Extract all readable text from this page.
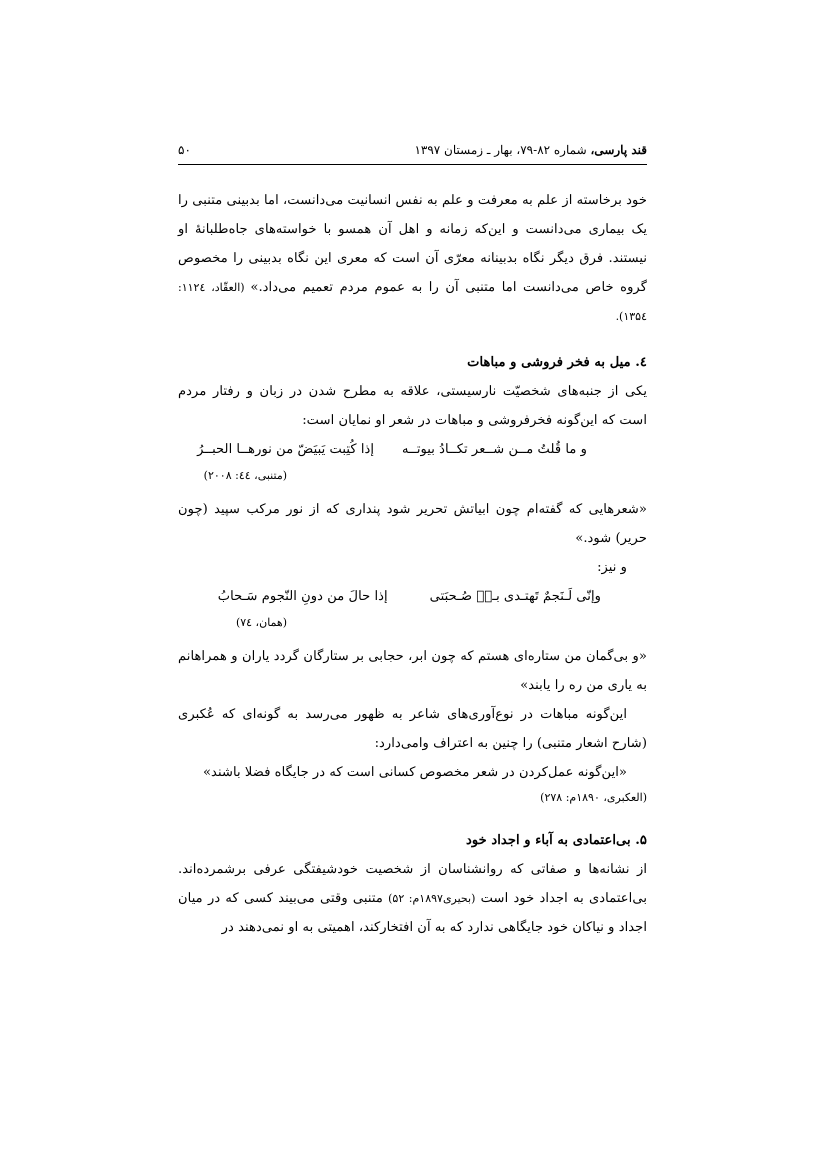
قند پارسی، شماره ۸۲-۷۹، بهار ـ زمستان ۱۳۹۷
۵۰

خود برخاسته از علم به معرفت و علم به نفس انسانیت می‌دانست، اما بدبینی متنبی را یک بیماری می‌دانست و این‌که زمانه و اهل آن همسو با خواسته‌های جاه‌طلبانهٔ او نیستند. فرق دیگر نگاه بدبینانه معرّی آن است که معری این نگاه بدبینی را مخصوص گروه خاص می‌دانست اما متنبی آن را به عموم مردم تعمیم می‌داد.» (العقّاد، ۱۱۲٤: ۱۳۵٤).

٤. میل به فخر فروشی و مباهات

یکی از جنبه‌های شخصیّت نارسیستی، علاقه به مطرح شدن در زبان و رفتار مردم است که این‌گونه فخرفروشی و مباهات در شعر او نمایان است:

و ما قُلتُ مــن شــعر تکــادُ بیوتــه
إذا کُتِبت یَبیَضّ من نورهــا الحبــرُ

(متنبی، ٤٤: ۲۰۰۸)

«شعرهایی که گفته‌ام چون ابیاتش تحریر شود پنداری که از نور مرکب سپید (چون حریر) شود.»

و نیز:

وإنّی لَـنَجمٌ تَهتـدی بـیٖ صُـحبَتی
إذا حالَ من دونِ النّجوم سَـحابُ

(همان، ٧٤)

«و بی‌گمان من ستاره‌ای هستم که چون ابر، حجابی بر ستارگان گردد یاران و همراهانم به یاری من ره را یابند»

این‌گونه مباهات در نوع‌آوری‌های شاعر به ظهور می‌رسد به گونه‌ای که عُکبری (شارح اشعار متنبی) را چنین به اعتراف وامی‌دارد:

«این‌گونه عمل‌کردن در شعر مخصوص کسانی است که در جایگاه فضلا باشند»

(العکبری، ۱۸۹۰م: ۲۷۸)

۵. بی‌اعتمادی به آباء و اجداد خود

از نشانه‌ها و صفاتی که روانشناسان از شخصیت خودشیفتگی عرفی برشمرده‌اند. بی‌اعتمادی به اجداد خود است (بحیری۱۸۹۷م: ۵۲) متنبی وقتی می‌بیند کسی که در میان اجداد و نیاکان خود جایگاهی ندارد که به آن افتخارکند، اهمیتی به او نمی‌دهند در
